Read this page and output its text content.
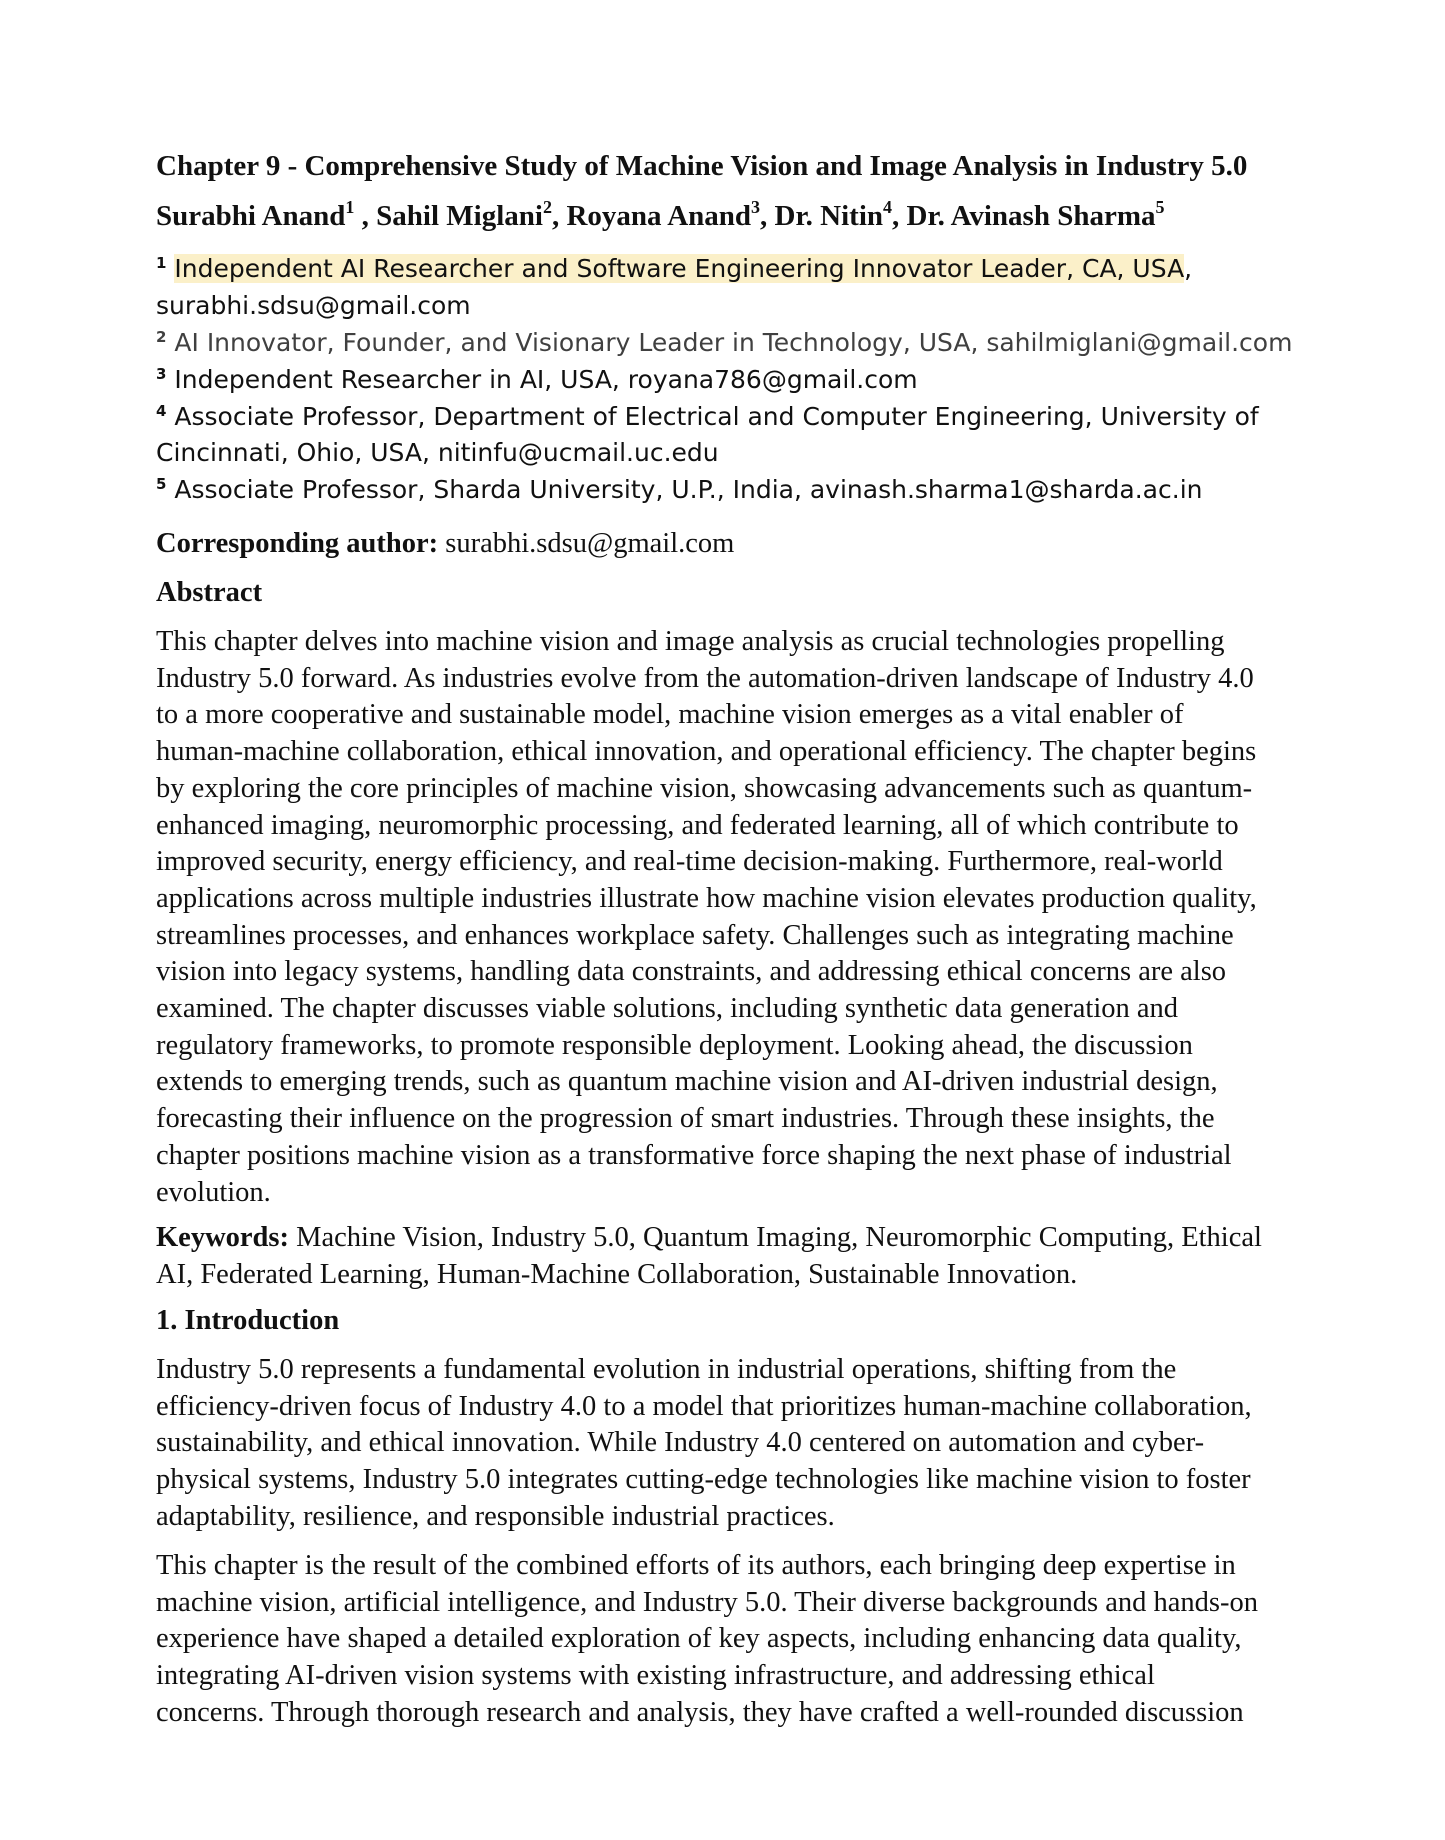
Chapter 9 - Comprehensive Study of Machine Vision and Image Analysis in Industry 5.0
Surabhi Anand$^1$ , Sahil Miglani$^2$, Royana Anand$^3$, Dr. Nitin$^4$, Dr. Avinash Sharma$^5$
$^1$ Independent AI Researcher and Software Engineering Innovator Leader, CA, USA,
surabhi.sdsu@gmail.com
$^2$ AI Innovator, Founder, and Visionary Leader in Technology, USA, sahilmiglani@gmail.com
$^3$ Independent Researcher in AI, USA, royana786@gmail.com
$^4$ Associate Professor, Department of Electrical and Computer Engineering, University of
Cincinnati, Ohio, USA, nitinfu@ucmail.uc.edu
$^5$ Associate Professor, Sharda University, U.P., India, avinash.sharma1@sharda.ac.in
Corresponding author: surabhi.sdsu@gmail.com
Abstract

This chapter delves into machine vision and image analysis as crucial technologies propelling

Industry 5.0 forward. As industries evolve from the automation-driven landscape of Industry 4.0

to a more cooperative and sustainable model, machine vision emerges as a vital enabler of

human-machine collaboration, ethical innovation, and operational efficiency. The chapter begins

by exploring the core principles of machine vision, showcasing advancements such as quantum-

enhanced imaging, neuromorphic processing, and federated learning, all of which contribute to

improved security, energy efficiency, and real-time decision-making. Furthermore, real-world

applications across multiple industries illustrate how machine vision elevates production quality,

streamlines processes, and enhances workplace safety. Challenges such as integrating machine

vision into legacy systems, handling data constraints, and addressing ethical concerns are also

examined. The chapter discusses viable solutions, including synthetic data generation and

regulatory frameworks, to promote responsible deployment. Looking ahead, the discussion

extends to emerging trends, such as quantum machine vision and AI-driven industrial design,

forecasting their influence on the progression of smart industries. Through these insights, the

chapter positions machine vision as a transformative force shaping the next phase of industrial

evolution.

Keywords: Machine Vision, Industry 5.0, Quantum Imaging, Neuromorphic Computing, Ethical

AI, Federated Learning, Human-Machine Collaboration, Sustainable Innovation.

1. Introduction

Industry 5.0 represents a fundamental evolution in industrial operations, shifting from the

efficiency-driven focus of Industry 4.0 to a model that prioritizes human-machine collaboration,

sustainability, and ethical innovation. While Industry 4.0 centered on automation and cyber-

physical systems, Industry 5.0 integrates cutting-edge technologies like machine vision to foster

adaptability, resilience, and responsible industrial practices.

This chapter is the result of the combined efforts of its authors, each bringing deep expertise in

machine vision, artificial intelligence, and Industry 5.0. Their diverse backgrounds and hands-on

experience have shaped a detailed exploration of key aspects, including enhancing data quality,

integrating AI-driven vision systems with existing infrastructure, and addressing ethical

concerns. Through thorough research and analysis, they have crafted a well-rounded discussion
